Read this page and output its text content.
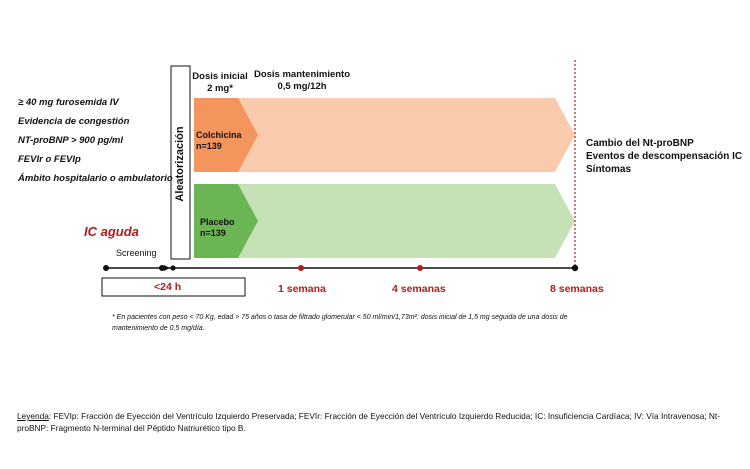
≥ 40 mg furosemida IV
Evidencia de congestión
NT-proBNP > 900 pg/ml
FEVIr o FEVIp
Ámbito hospitalario o ambulatorio
IC aguda
Screening
Aleatorización
Dosis inicial
2 mg*
Dosis mantenimiento
0,5 mg/12h
Colchicina
n=139
Placebo
n=139
Cambio del Nt-proBNP
Eventos de descompensación IC
Síntomas
<24 h	1 semana	4 semanas	8 semanas
* En pacientes con peso < 70 Kg, edad > 75 años o tasa de filtrado glomerular < 50 ml/min/1,73m²: dosis inicial de 1,5 mg seguida de una dosis de mantenimiento de 0,5 mg/día.
Leyenda: FEVIp: Fracción de Eyección del Ventrículo Izquierdo Preservada; FEVIr: Fracción de Eyección del Ventrículo Izquierdo Reducida; IC: Insuficiencia Cardíaca; IV: Vía Intravenosa; Nt-proBNP: Fragmento N-terminal del Péptido Natriurético tipo B.
